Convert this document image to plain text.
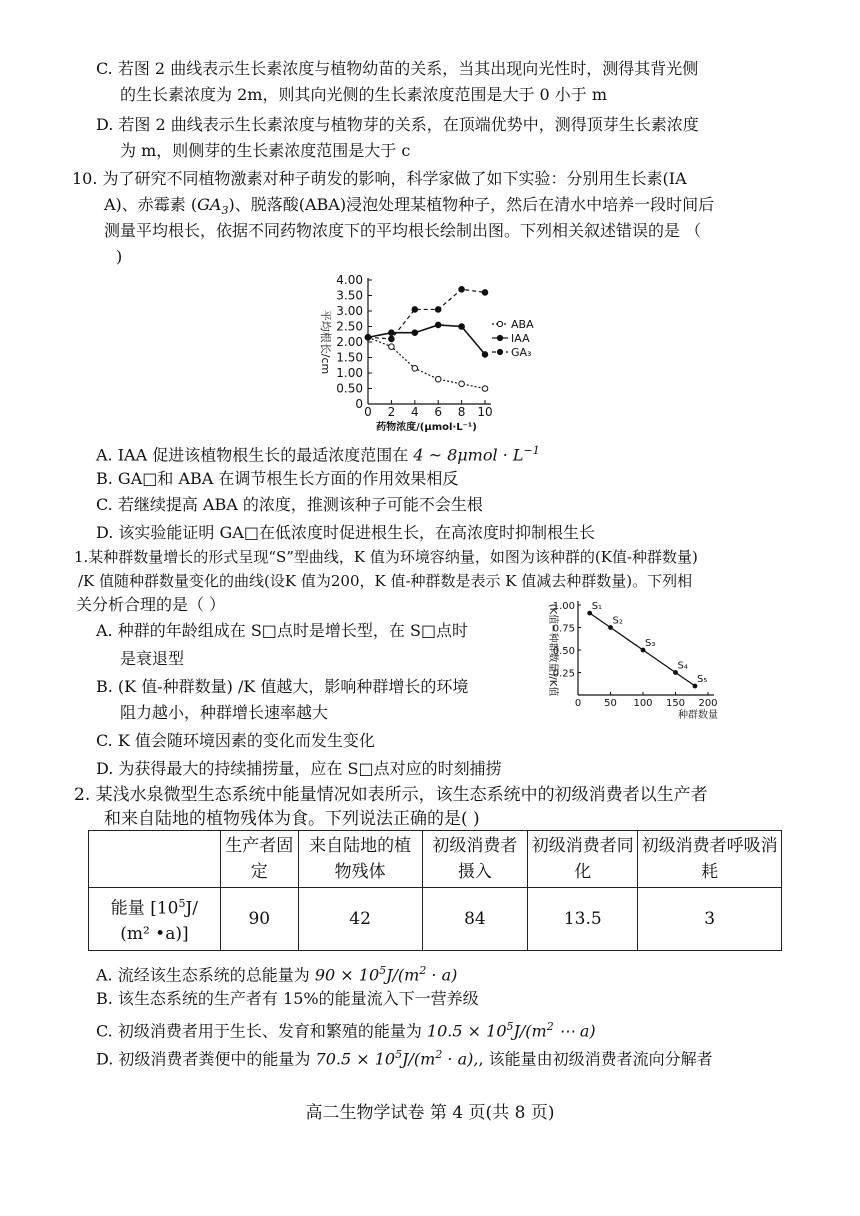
C. 若图 2 曲线表示生长素浓度与植物幼苗的关系，当其出现向光性时，测得其背光侧
的生长素浓度为 2m，则其向光侧的生长素浓度范围是大于 0 小于 m
D. 若图 2 曲线表示生长素浓度与植物芽的关系，在顶端优势中，测得顶芽生长素浓度
为 m，则侧芽的生长素浓度范围是大于 c
10. 为了研究不同植物激素对种子萌发的影响，科学家做了如下实验：分别用生长素(IA
A)、赤霉素 $(GA_3)$、脱落酸(ABA)浸泡处理某植物种子，然后在清水中培养一段时间后
测量平均根长，依据不同药物浓度下的平均根长绘制出图。下列相关叙述错误的是 （
)
0
0.50
1.00
1.50
2.00
2.50
3.00
3.50
4.00
0 2 4 6 8 10
药物浓度/(μmol·L⁻¹)
平均根长/cm	ABA
IAA
GA₃
A. IAA 促进该植物根生长的最适浓度范围在 4 ~ $8\mu mol \cdot L^{-1}$
B. GA□和 ABA 在调节根生长方面的作用效果相反
C. 若继续提高 ABA 的浓度，推测该种子可能不会生根
D. 该实验能证明 GA□在低浓度时促进根生长，在高浓度时抑制根生长
1.某种群数量增长的形式呈现“S”型曲线，K 值为环境容纳量，如图为该种群的(K值-种群数量)
/K 值随种群数量变化的曲线(设K 值为200，K 值-种群数是表示 K 值减去种群数量)。下列相
关分析合理的是（ ）
0.25
0.50
0.75
1.00
0 50 100 150 200
种群数量
(K值−种群数量)/K值	S₁
S₂
S₃
S₄
S₅
A. 种群的年龄组成在 S□点时是增长型，在 S□点时
是衰退型
B. (K 值-种群数量) /K 值越大，影响种群增长的环境
阻力越小，种群增长速率越大
C. K 值会随环境因素的变化而发生变化
D. 为获得最大的持续捕捞量，应在 S□点对应的时刻捕捞
2. 某浅水泉微型生态系统中能量情况如表所示，该生态系统中的初级消费者以生产者
和来自陆地的植物残体为食。下列说法正确的是( )
	生产者固定	来自陆地的植物残体	初级消费者摄入	初级消费者同化	初级消费者呼吸消耗
能量 [$10^5J/$
(m² •a)]	90	42	84	13.5	3
A. 流经该生态系统的总能量为 $90 \times 10^5J/(m^2 \cdot a)$
B. 该生态系统的生产者有 15%的能量流入下一营养级
C. 初级消费者用于生长、发育和繁殖的能量为 $10.5 \times 10^5J/(m^2$ ⋯ a)
D. 初级消费者粪便中的能量为 $70.5 \times 10^5J/(m^2 \cdot a)$,, 该能量由初级消费者流向分解者
高二生物学试卷 第 4 页(共 8 页)
